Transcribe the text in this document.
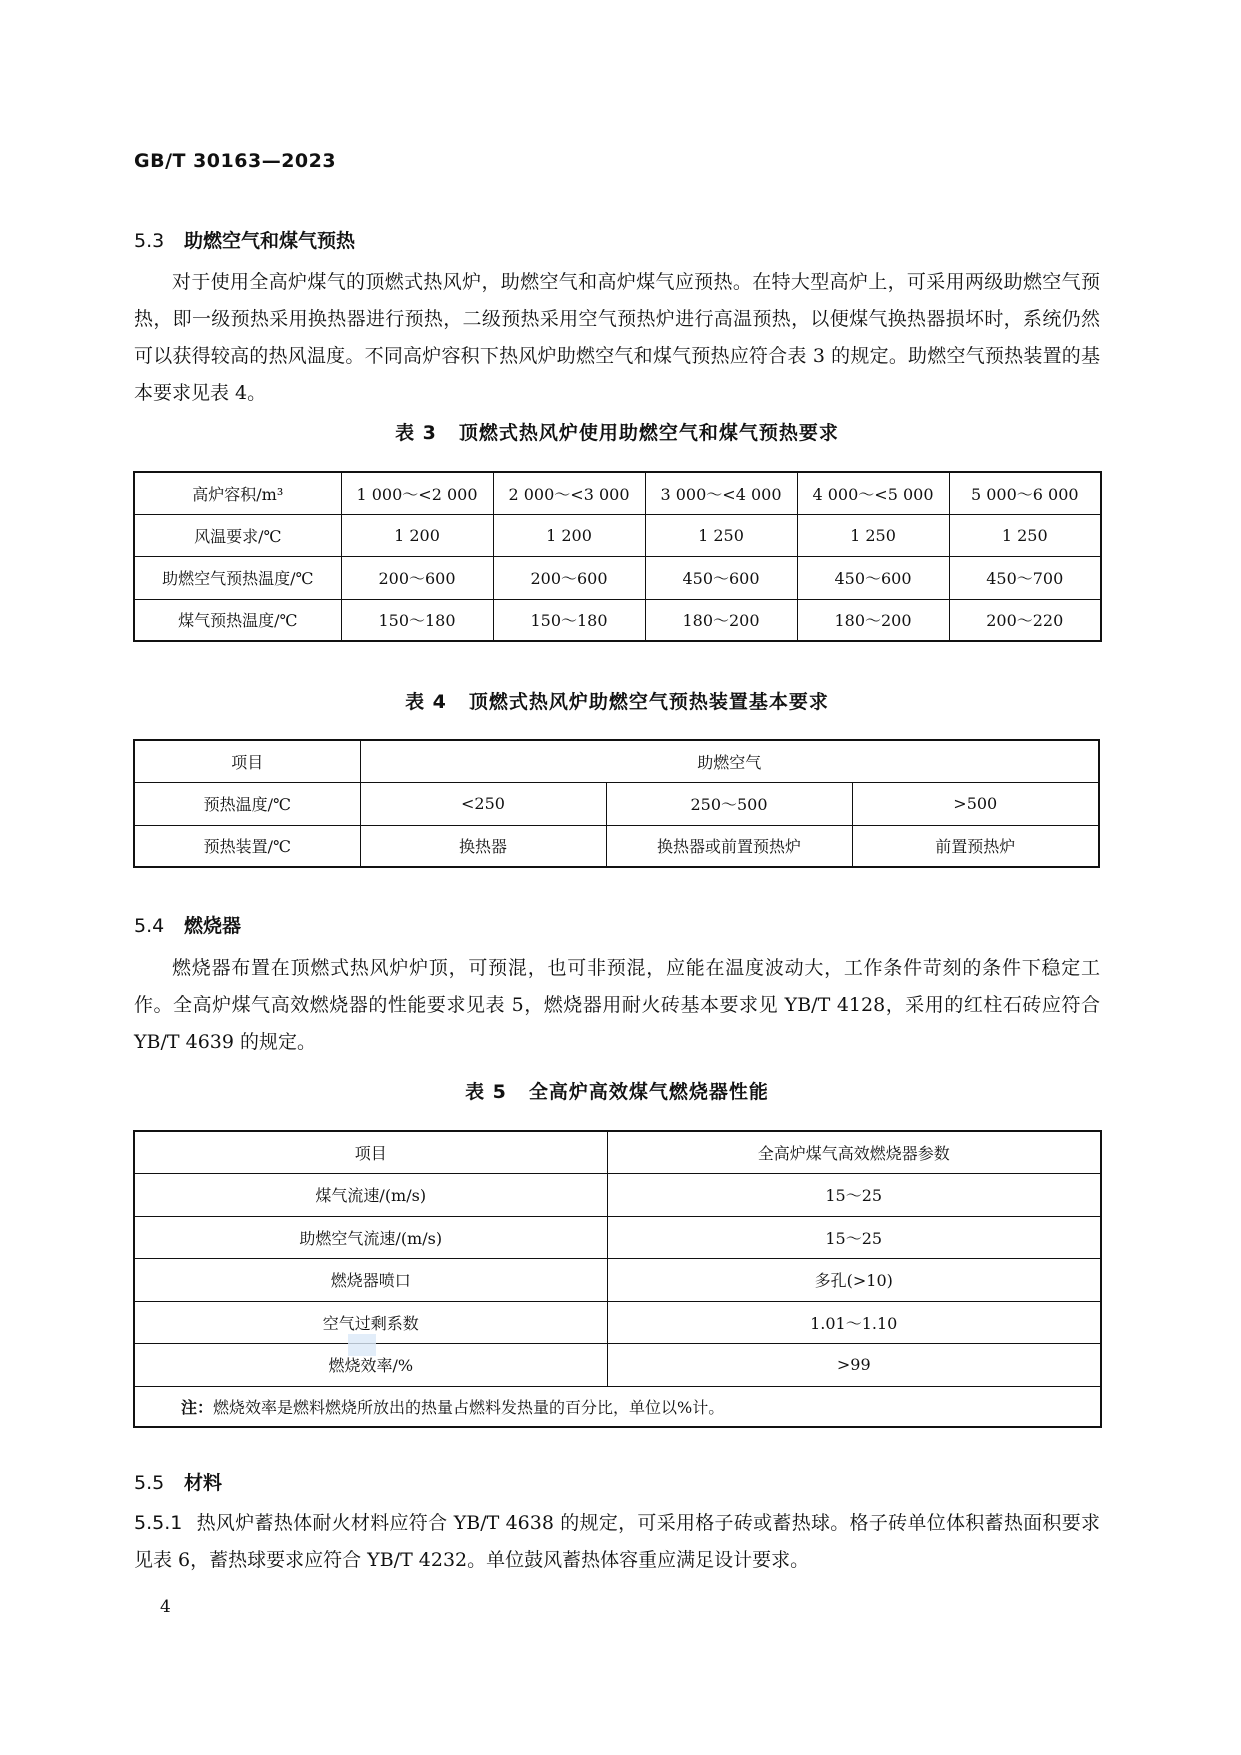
GB/T 30163—2023
5.3 助燃空气和煤气预热
对于使用全高炉煤气的顶燃式热风炉，助燃空气和高炉煤气应预热。在特大型高炉上，可采用两级助燃空气预热，即一级预热采用换热器进行预热，二级预热采用空气预热炉进行高温预热，以便煤气换热器损坏时，系统仍然可以获得较高的热风温度。不同高炉容积下热风炉助燃空气和煤气预热应符合表 3 的规定。助燃空气预热装置的基本要求见表 4。
表 3 顶燃式热风炉使用助燃空气和煤气预热要求
高炉容积/m³	1 000～<2 000	2 000～<3 000	3 000～<4 000	4 000～<5 000	5 000～6 000
风温要求/℃	1 200	1 200	1 250	1 250	1 250
助燃空气预热温度/℃	200～600	200～600	450～600	450～600	450～700
煤气预热温度/℃	150～180	150～180	180～200	180～200	200～220
表 4 顶燃式热风炉助燃空气预热装置基本要求
项目	助燃空气		
预热温度/℃	<250	250～500	>500
预热装置/℃	换热器	换热器或前置预热炉	前置预热炉
5.4 燃烧器
燃烧器布置在顶燃式热风炉炉顶，可预混，也可非预混，应能在温度波动大，工作条件苛刻的条件下稳定工作。全高炉煤气高效燃烧器的性能要求见表 5，燃烧器用耐火砖基本要求见 YB/T 4128，采用的红柱石砖应符合 YB/T 4639 的规定。
表 5 全高炉高效煤气燃烧器性能
项目	全高炉煤气高效燃烧器参数
煤气流速/(m/s)	15～25
助燃空气流速/(m/s)	15～25
燃烧器喷口	多孔(>10)
空气过剩系数	1.01～1.10
燃烧效率/%	>99
注：燃烧效率是燃料燃烧所放出的热量占燃料发热量的百分比，单位以%计。	
5.5 材料
5.5.1 热风炉蓄热体耐火材料应符合 YB/T 4638 的规定，可采用格子砖或蓄热球。格子砖单位体积蓄热面积要求见表 6，蓄热球要求应符合 YB/T 4232。单位鼓风蓄热体容重应满足设计要求。
4
